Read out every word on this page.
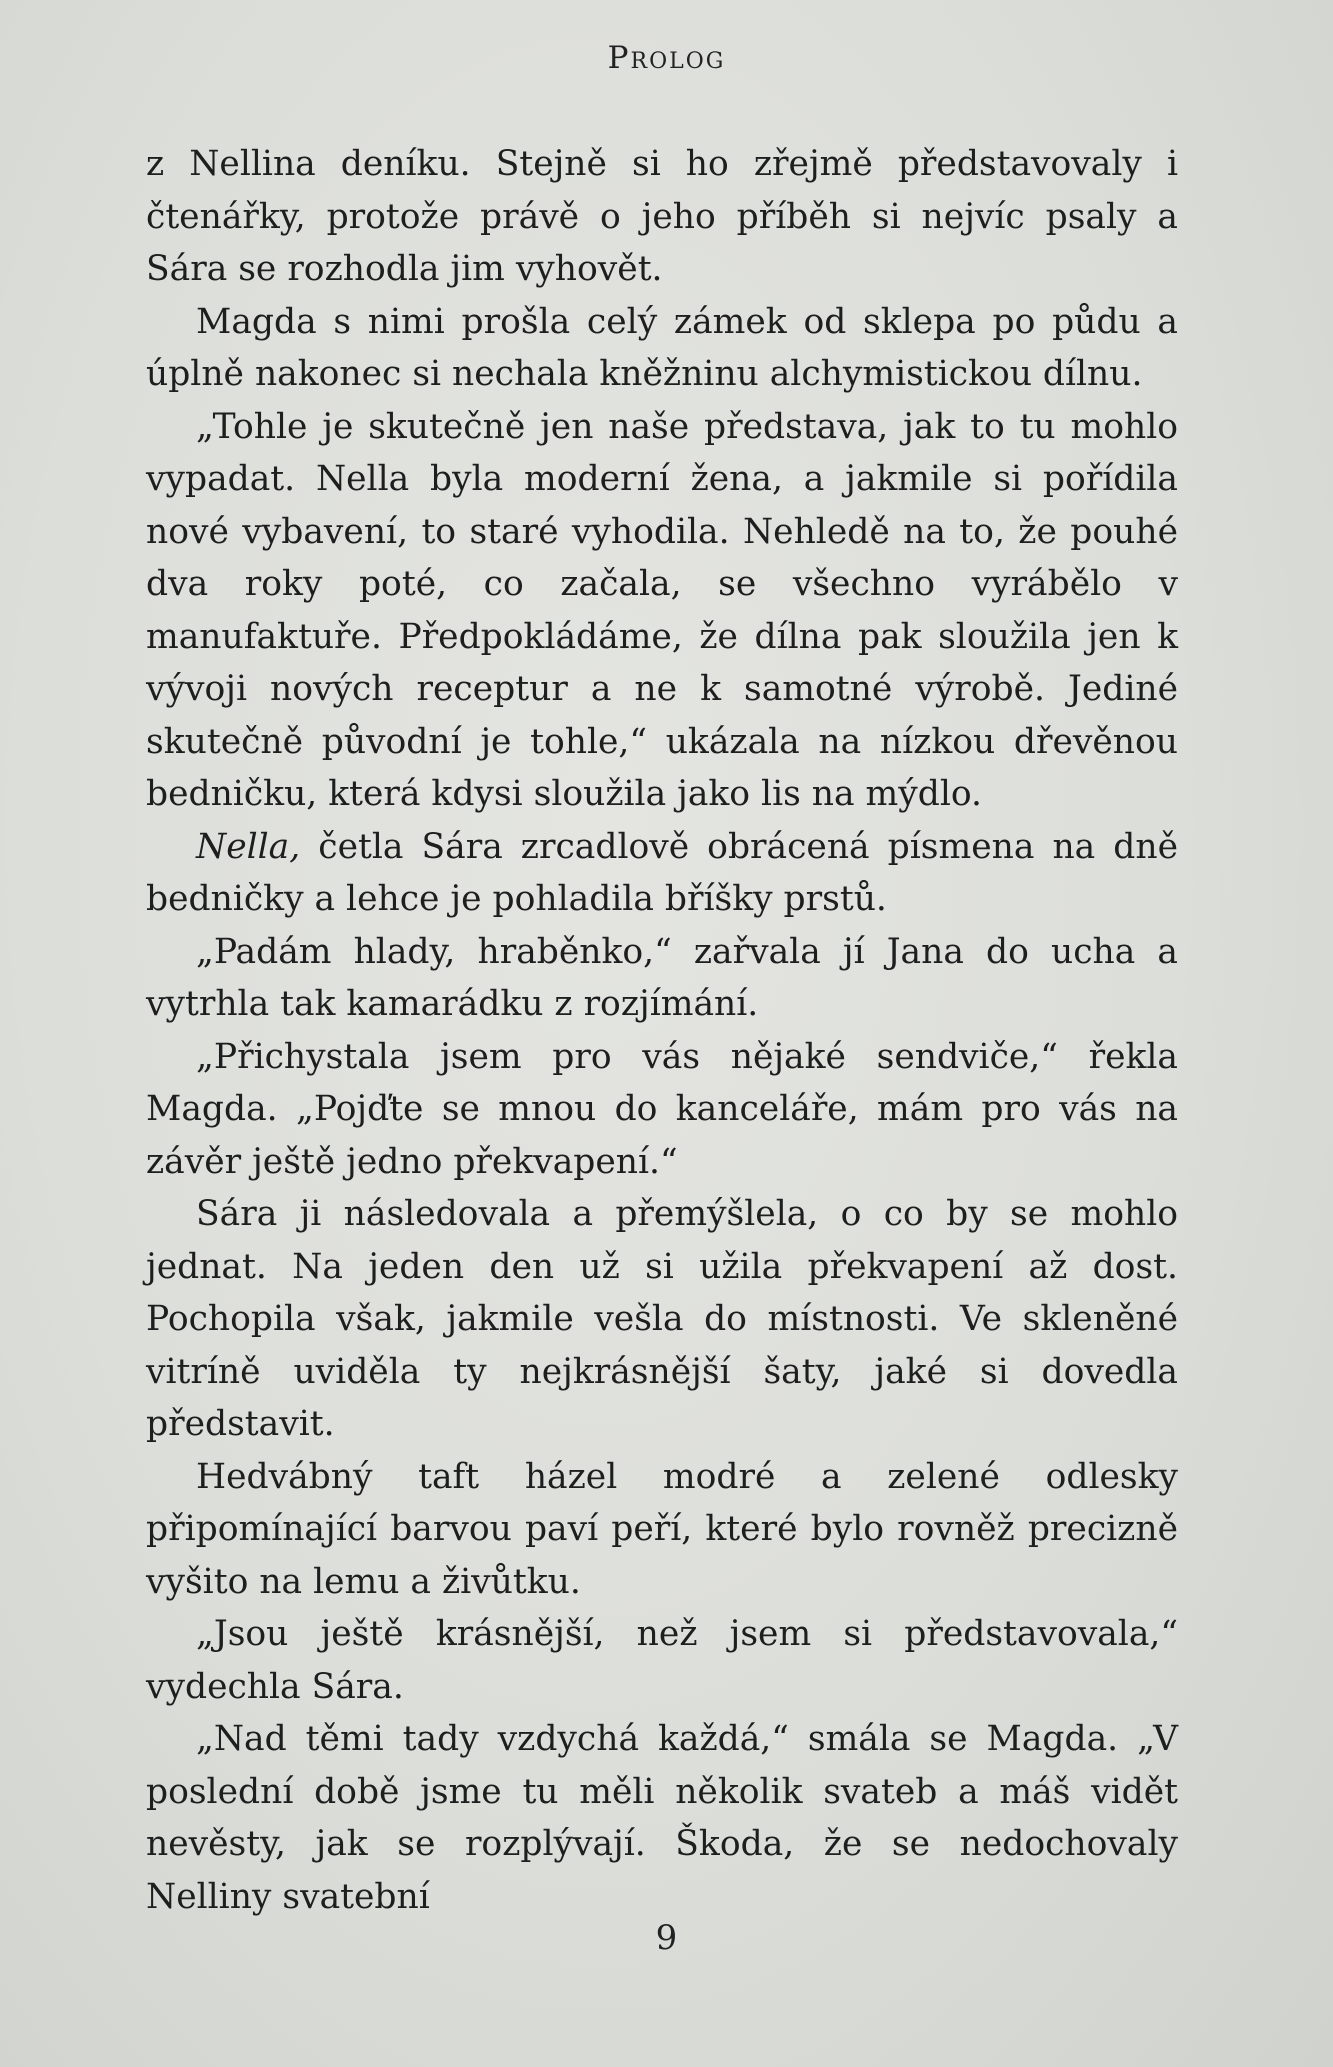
Prolog

z Nellina deníku. Stejně si ho zřejmě představovaly i čtenářky, protože právě o jeho příběh si nejvíc psaly a Sára se rozhodla jim vyhovět.

Magda s nimi prošla celý zámek od sklepa po půdu a úplně nakonec si nechala kněžninu alchymistickou dílnu.

„Tohle je skutečně jen naše představa, jak to tu mohlo vypadat. Nella byla moderní žena, a jakmile si pořídila nové vybavení, to staré vyhodila. Nehledě na to, že pouhé dva roky poté, co začala, se všechno vyrábělo v manufaktuře. Předpokládáme, že dílna pak sloužila jen k vývoji nových receptur a ne k samotné výrobě. Jediné skutečně původní je tohle,“ ukázala na nízkou dřevěnou bedničku, která kdysi sloužila jako lis na mýdlo.

Nella, četla Sára zrcadlově obrácená písmena na dně bedničky a lehce je pohladila bříšky prstů.

„Padám hlady, hraběnko,“ zařvala jí Jana do ucha a vytrhla tak kamarádku z rozjímání.

„Přichystala jsem pro vás nějaké sendviče,“ řekla Magda. „Pojďte se mnou do kanceláře, mám pro vás na závěr ještě jedno překvapení.“

Sára ji následovala a přemýšlela, o co by se mohlo jednat. Na jeden den už si užila překvapení až dost. Pochopila však, jakmile vešla do místnosti. Ve skleněné vitríně uviděla ty nejkrásnější šaty, jaké si dovedla představit.

Hedvábný taft házel modré a zelené odlesky připomínající barvou paví peří, které bylo rovněž precizně vyšito na lemu a živůtku.

„Jsou ještě krásnější, než jsem si představovala,“ vydechla Sára.

„Nad těmi tady vzdychá každá,“ smála se Magda. „V poslední době jsme tu měli několik svateb a máš vidět nevěsty, jak se rozplývají. Škoda, že se nedochovaly Nelliny svatební

9
